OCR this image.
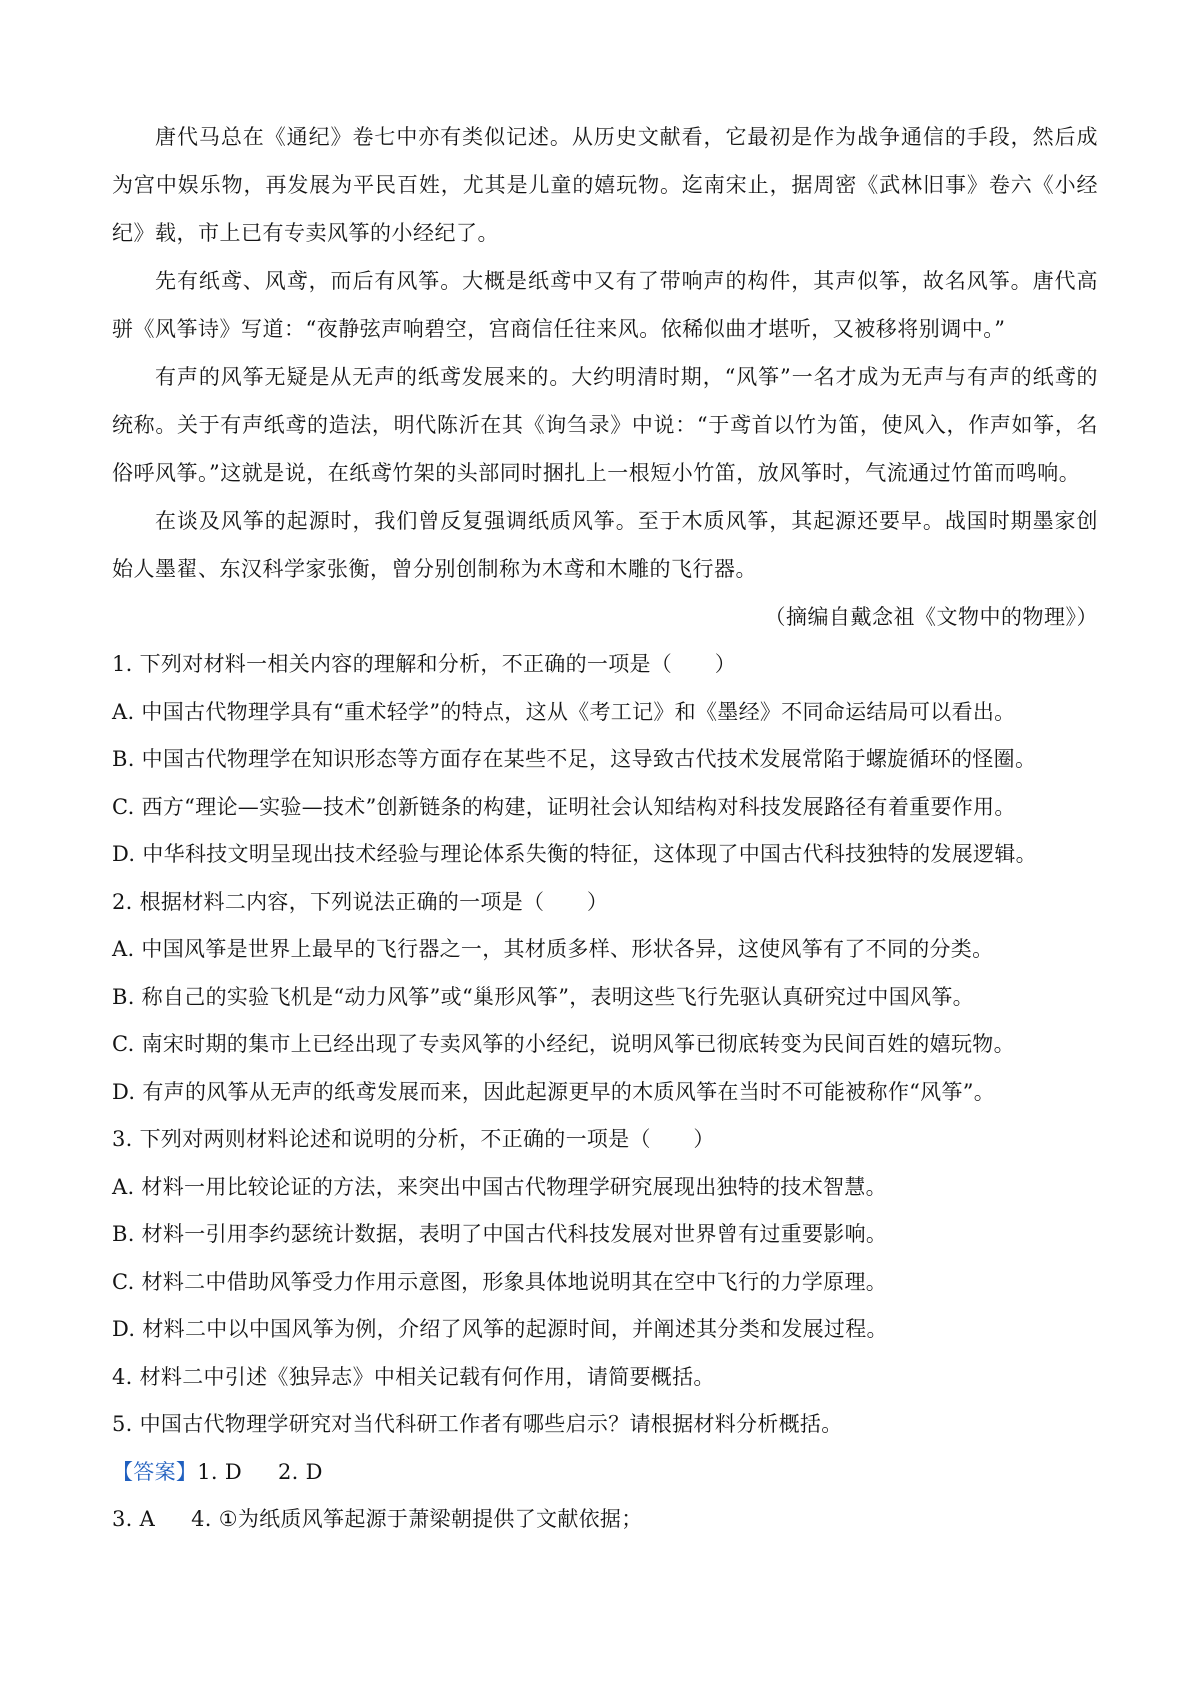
唐代马总在《通纪》卷七中亦有类似记述。从历史文献看，它最初是作为战争通信的手段，然后成为宫中娱乐物，再发展为平民百姓，尤其是儿童的嬉玩物。迄南宋止，据周密《武林旧事》卷六《小经纪》载，市上已有专卖风筝的小经纪了。

先有纸鸢、风鸢，而后有风筝。大概是纸鸢中又有了带响声的构件，其声似筝，故名风筝。唐代高骈《风筝诗》写道：“夜静弦声响碧空，宫商信任往来风。依稀似曲才堪听，又被移将别调中。”

有声的风筝无疑是从无声的纸鸢发展来的。大约明清时期，“风筝”一名才成为无声与有声的纸鸢的统称。关于有声纸鸢的造法，明代陈沂在其《询刍录》中说：“于鸢首以竹为笛，使风入，作声如筝，名俗呼风筝。”这就是说，在纸鸢竹架的头部同时捆扎上一根短小竹笛，放风筝时，气流通过竹笛而鸣响。

在谈及风筝的起源时，我们曾反复强调纸质风筝。至于木质风筝，其起源还要早。战国时期墨家创始人墨翟、东汉科学家张衡，曾分别创制称为木鸢和木雕的飞行器。

（摘编自戴念祖《文物中的物理》）

1. 下列对材料一相关内容的理解和分析，不正确的一项是（　　）

A. 中国古代物理学具有“重术轻学”的特点，这从《考工记》和《墨经》不同命运结局可以看出。

B. 中国古代物理学在知识形态等方面存在某些不足，这导致古代技术发展常陷于螺旋循环的怪圈。

C. 西方“理论—实验—技术”创新链条的构建，证明社会认知结构对科技发展路径有着重要作用。

D. 中华科技文明呈现出技术经验与理论体系失衡的特征，这体现了中国古代科技独特的发展逻辑。

2. 根据材料二内容，下列说法正确的一项是（　　）

A. 中国风筝是世界上最早的飞行器之一，其材质多样、形状各异，这使风筝有了不同的分类。

B. 称自己的实验飞机是“动力风筝”或“巢形风筝”，表明这些飞行先驱认真研究过中国风筝。

C. 南宋时期的集市上已经出现了专卖风筝的小经纪，说明风筝已彻底转变为民间百姓的嬉玩物。

D. 有声的风筝从无声的纸鸢发展而来，因此起源更早的木质风筝在当时不可能被称作“风筝”。

3. 下列对两则材料论述和说明的分析，不正确的一项是（　　）

A. 材料一用比较论证的方法，来突出中国古代物理学研究展现出独特的技术智慧。

B. 材料一引用李约瑟统计数据，表明了中国古代科技发展对世界曾有过重要影响。

C. 材料二中借助风筝受力作用示意图，形象具体地说明其在空中飞行的力学原理。

D. 材料二中以中国风筝为例，介绍了风筝的起源时间，并阐述其分类和发展过程。

4. 材料二中引述《独异志》中相关记载有何作用，请简要概括。

5. 中国古代物理学研究对当代科研工作者有哪些启示？请根据材料分析概括。

【答案】1. D 2. D

3. A 4. ①为纸质风筝起源于萧梁朝提供了文献依据；
